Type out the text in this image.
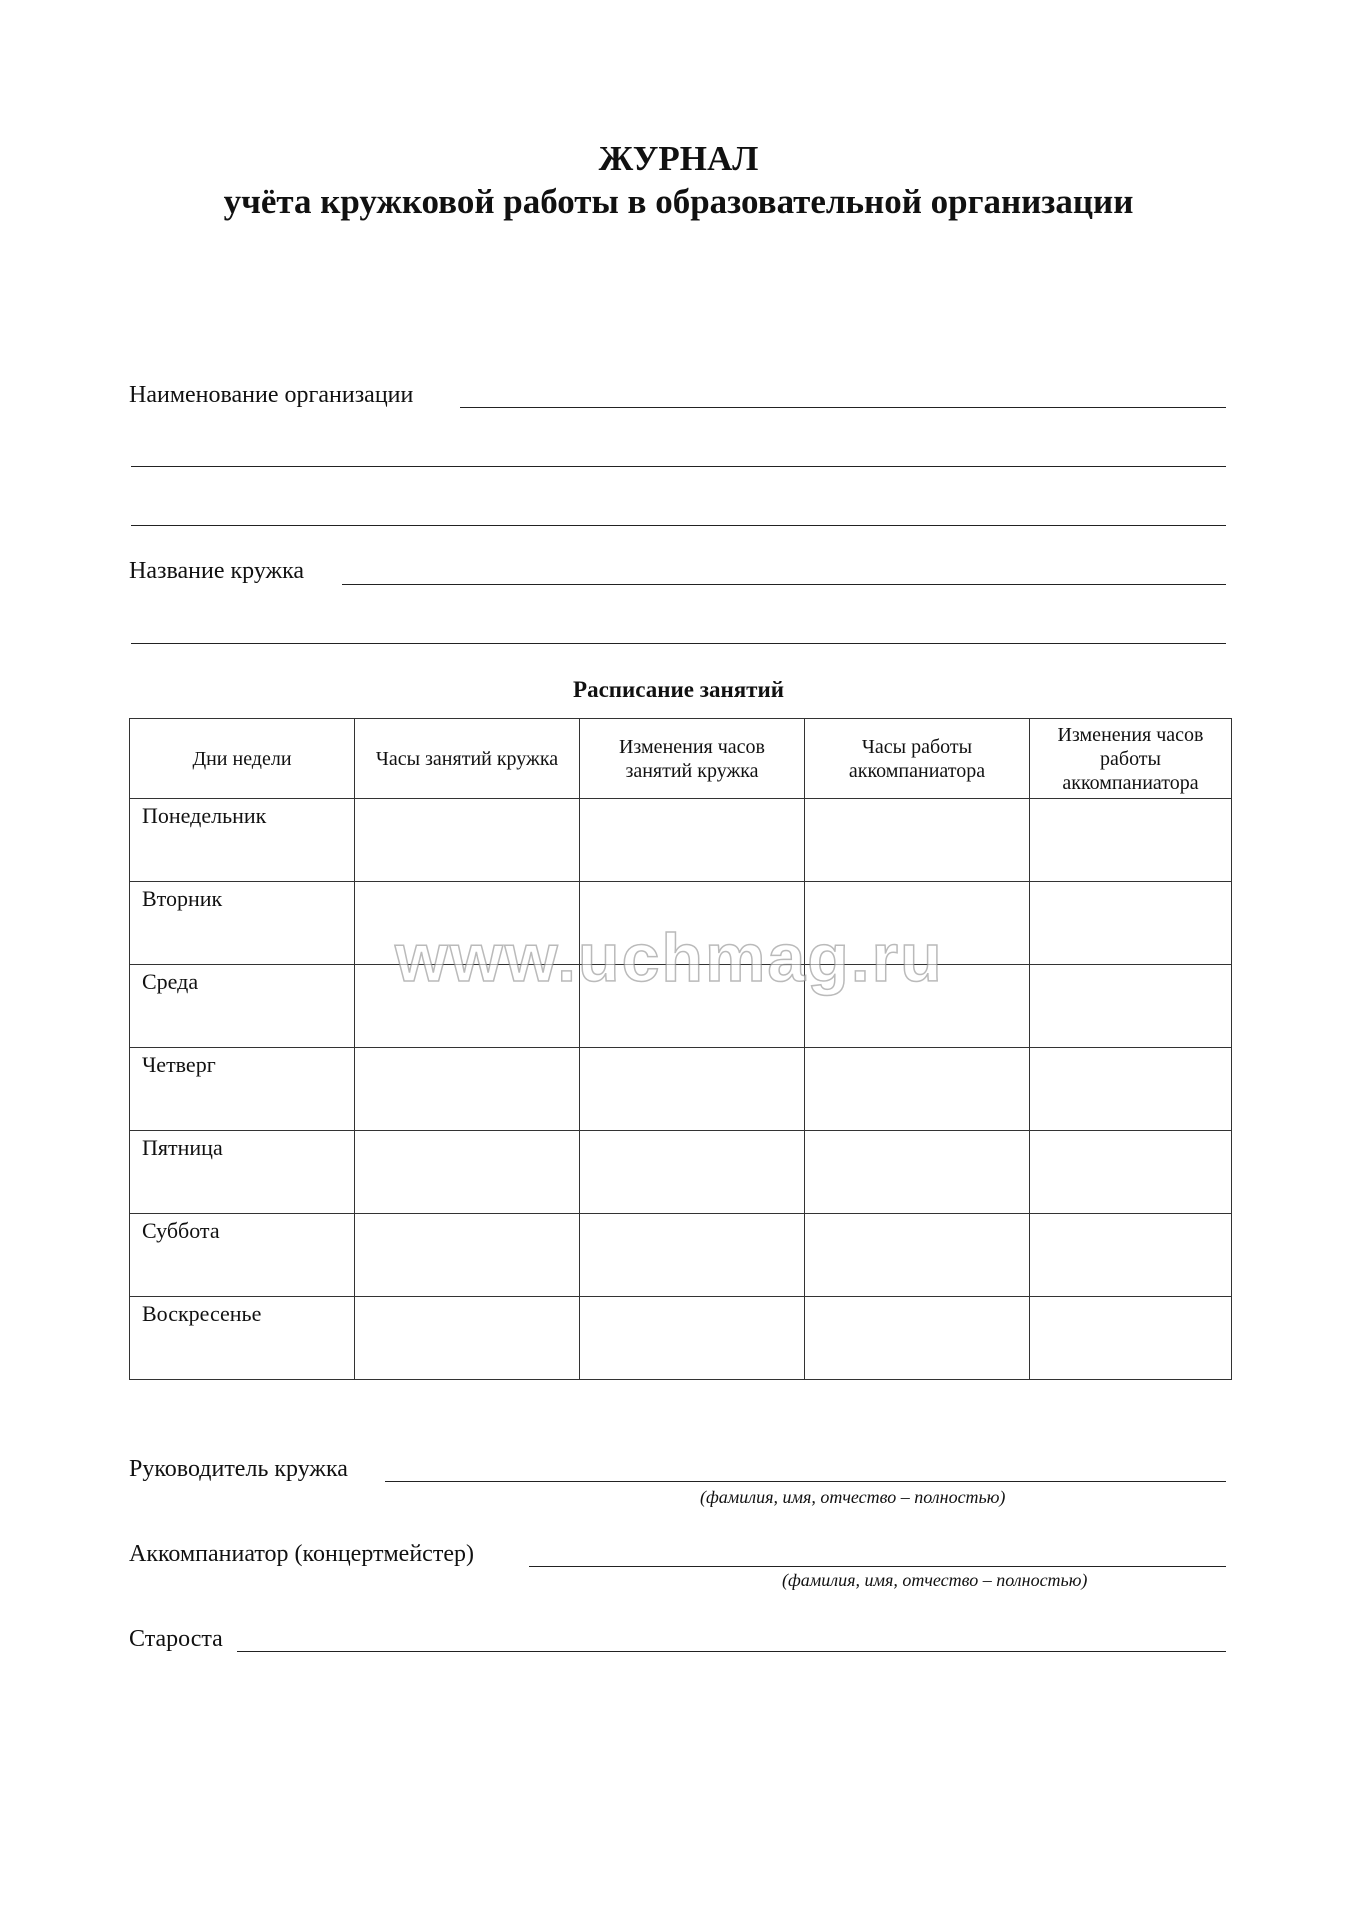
ЖУРНАЛ
учёта кружковой работы в образовательной организации
Наименование организации
Название кружка
Расписание занятий
Дни недели	Часы занятий кружка	Изменения часов занятий кружка	Часы работы аккомпаниатора	Изменения часов работы аккомпаниатора
Понедельник				
Вторник				
Среда				
Четверг				
Пятница				
Суббота				
Воскресенье				
www.uchmag.ru
Руководитель кружка
(фамилия, имя, отчество – полностью)
Аккомпаниатор (концертмейстер)
(фамилия, имя, отчество – полностью)
Староста
